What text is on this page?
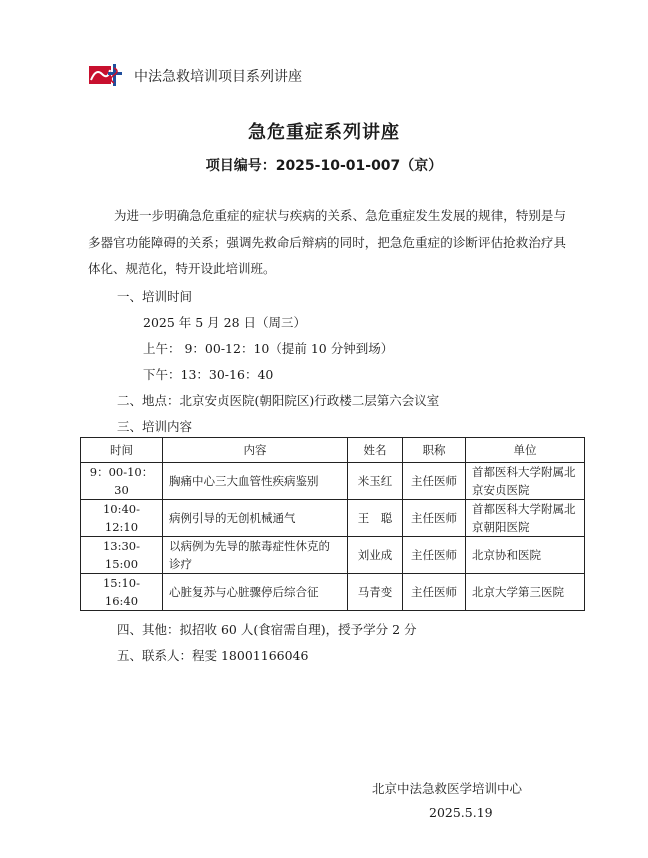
中法急救培训项目系列讲座
急危重症系列讲座
项目编号：2025-10-01-007（京）
为进一步明确急危重症的症状与疾病的关系、急危重症发生发展的规律，特别是与多器官功能障碍的关系；强调先救命后辩病的同时，把急危重症的诊断评估抢救治疗具体化、规范化，特开设此培训班。
一、培训时间
2025 年 5 月 28 日（周三）
上午： 9：00-12：10（提前 10 分钟到场）
下午：13：30-16：40
二、地点：北京安贞医院(朝阳院区)行政楼二层第六会议室
三、培训内容
时间	内容	姓名	职称	单位
9：00-10：30	胸痛中心三大血管性疾病鉴别	米玉红	主任医师	首都医科大学附属北京安贞医院
10:40-12:10	病例引导的无创机械通气	王　聪	主任医师	首都医科大学附属北京朝阳医院
13:30-15:00	以病例为先导的脓毒症性休克的诊疗	刘业成	主任医师	北京协和医院
15:10-16:40	心脏复苏与心脏骤停后综合征	马青变	主任医师	北京大学第三医院
四、其他：拟招收 60 人(食宿需自理)，授予学分 2 分
五、联系人：程雯 18001166046
北京中法急救医学培训中心
2025.5.19
